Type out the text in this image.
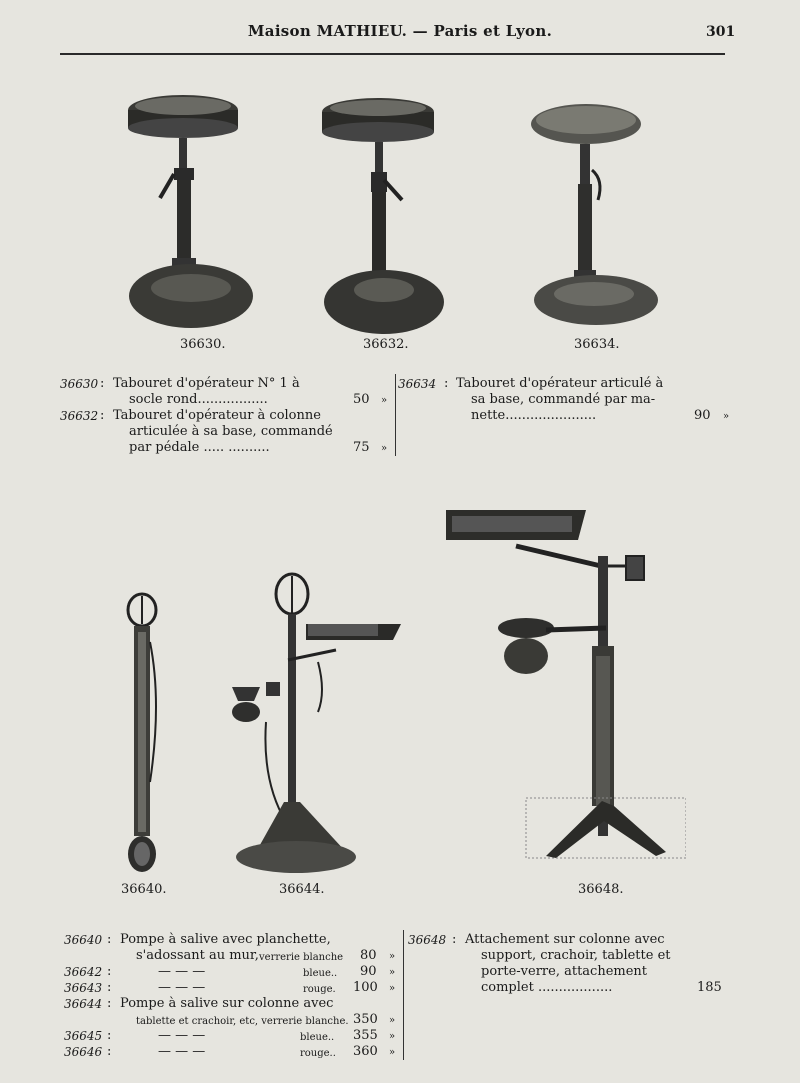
Maison MATHIEU. — Paris et Lyon.	301
36630.	36632.	36634.
36630 : Tabouret d'opérateur N° 1 à
socle rond.................	50 »
36632 : Tabouret d'opérateur à colonne
articulée à sa base, commandé
par pédale ..... ..........	75 »
36634 : Tabouret d'opérateur articulé à
sa base, commandé par ma-
nette......................	90 »
36640.	36644.	36648.
36640 : Pompe à salive avec planchette,
s'adossant au mur, verrerie blanche 80 »
36642 :	— — —	bleue.. 90 »
36643 :	— — —	rouge. 100 »
36644 : Pompe à salive sur colonne avec
tablette et crachoir, etc, verrerie blanche. 350 »
36645 :	— — —	bleue.. 355 »
36646 :	— — —	rouge.. 360 »
36648 : Attachement sur colonne avec
support, crachoir, tablette et
porte-verre, attachement
complet ..................	185
